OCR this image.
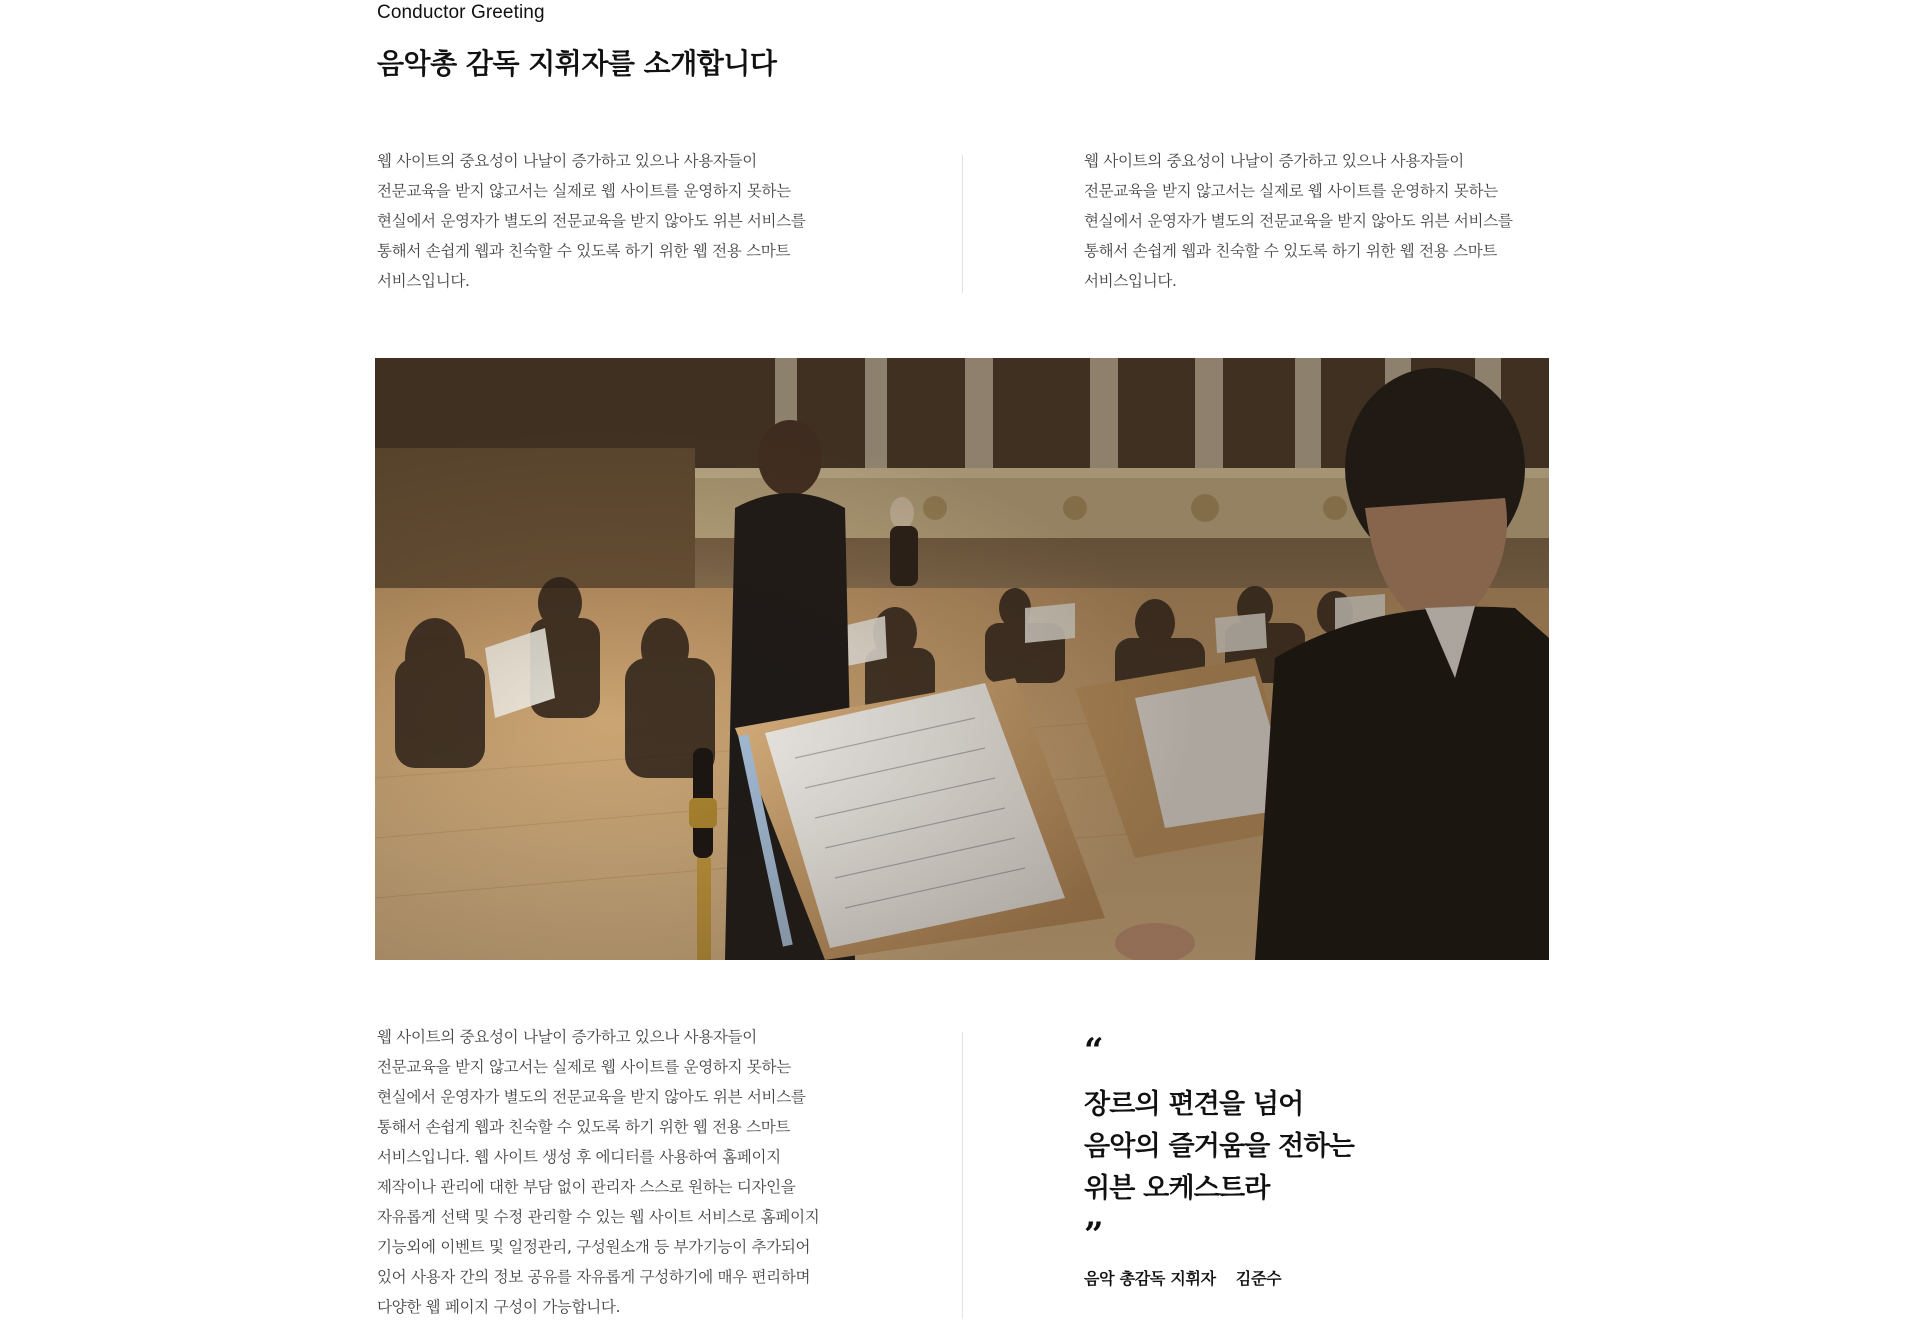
Conductor Greeting
음악총 감독 지휘자를 소개합니다

웹 사이트의 중요성이 나날이 증가하고 있으나 사용자들이
전문교육을 받지 않고서는 실제로 웹 사이트를 운영하지 못하는
현실에서 운영자가 별도의 전문교육을 받지 않아도 위븐 서비스를
통해서 손쉽게 웹과 친숙할 수 있도록 하기 위한 웹 전용 스마트
서비스입니다.

웹 사이트의 중요성이 나날이 증가하고 있으나 사용자들이
전문교육을 받지 않고서는 실제로 웹 사이트를 운영하지 못하는
현실에서 운영자가 별도의 전문교육을 받지 않아도 위븐 서비스를
통해서 손쉽게 웹과 친숙할 수 있도록 하기 위한 웹 전용 스마트
서비스입니다.

웹 사이트의 중요성이 나날이 증가하고 있으나 사용자들이
전문교육을 받지 않고서는 실제로 웹 사이트를 운영하지 못하는
현실에서 운영자가 별도의 전문교육을 받지 않아도 위븐 서비스를
통해서 손쉽게 웹과 친숙할 수 있도록 하기 위한 웹 전용 스마트
서비스입니다. 웹 사이트 생성 후 에디터를 사용하여 홈페이지
제작이나 관리에 대한 부담 없이 관리자 스스로 원하는 디자인을
자유롭게 선택 및 수정 관리할 수 있는 웹 사이트 서비스로 홈페이지
기능외에 이벤트 및 일정관리, 구성원소개 등 부가기능이 추가되어
있어 사용자 간의 정보 공유를 자유롭게 구성하기에 매우 편리하며
다양한 웹 페이지 구성이 가능합니다.

“
장르의 편견을 넘어
음악의 즐거움을 전하는
위븐 오케스트라
”
음악 총감독 지휘자 김준수
